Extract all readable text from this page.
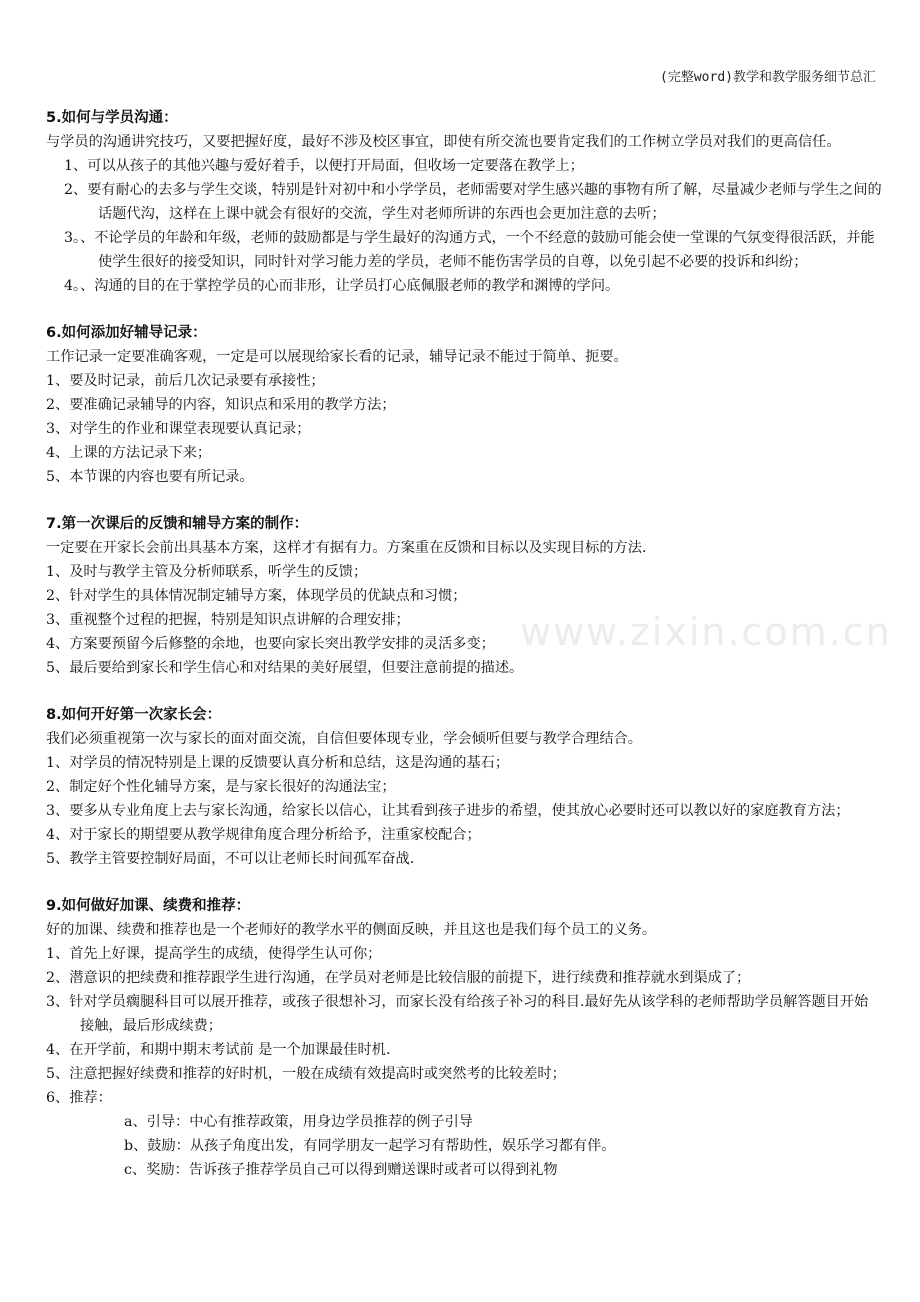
www.zixin.com.cn
(完整word)教学和教学服务细节总汇
5.如何与学员沟通：
与学员的沟通讲究技巧，又要把握好度，最好不涉及校区事宜，即使有所交流也要肯定我们的工作树立学员对我们的更高信任。
1、可以从孩子的其他兴趣与爱好着手，以便打开局面，但收场一定要落在教学上；
2、要有耐心的去多与学生交谈，特别是针对初中和小学学员，老师需要对学生感兴趣的事物有所了解，尽量减少老师与学生之间的话题代沟，这样在上课中就会有很好的交流，学生对老师所讲的东西也会更加注意的去听；
3。、不论学员的年龄和年级，老师的鼓励都是与学生最好的沟通方式，一个不经意的鼓励可能会使一堂课的气氛变得很活跃，并能使学生很好的接受知识，同时针对学习能力差的学员，老师不能伤害学员的自尊，以免引起不必要的投诉和纠纷；
4。、沟通的目的在于掌控学员的心而非形，让学员打心底佩服老师的教学和渊博的学问。
6.如何添加好辅导记录：
工作记录一定要准确客观，一定是可以展现给家长看的记录，辅导记录不能过于简单、扼要。
1、要及时记录，前后几次记录要有承接性；
2、要准确记录辅导的内容，知识点和采用的教学方法；
3、对学生的作业和课堂表现要认真记录；
4、上课的方法记录下来；
5、本节课的内容也要有所记录。
7.第一次课后的反馈和辅导方案的制作：
一定要在开家长会前出具基本方案，这样才有据有力。方案重在反馈和目标以及实现目标的方法.
1、及时与教学主管及分析师联系，听学生的反馈；
2、针对学生的具体情况制定辅导方案，体现学员的优缺点和习惯；
3、重视整个过程的把握，特别是知识点讲解的合理安排；
4、方案要预留今后修整的余地，也要向家长突出教学安排的灵活多变；
5、最后要给到家长和学生信心和对结果的美好展望，但要注意前提的描述。
8.如何开好第一次家长会：
我们必须重视第一次与家长的面对面交流，自信但要体现专业，学会倾听但要与教学合理结合。
1、对学员的情况特别是上课的反馈要认真分析和总结，这是沟通的基石；
2、制定好个性化辅导方案，是与家长很好的沟通法宝；
3、要多从专业角度上去与家长沟通，给家长以信心，让其看到孩子进步的希望，使其放心必要时还可以教以好的家庭教育方法；
4、对于家长的期望要从教学规律角度合理分析给予，注重家校配合；
5、教学主管要控制好局面，不可以让老师长时间孤军奋战.
9.如何做好加课、续费和推荐：
好的加课、续费和推荐也是一个老师好的教学水平的侧面反映，并且这也是我们每个员工的义务。
1、首先上好课，提高学生的成绩，使得学生认可你；
2、潜意识的把续费和推荐跟学生进行沟通，在学员对老师是比较信服的前提下，进行续费和推荐就水到渠成了；
3、针对学员瘸腿科目可以展开推荐，或孩子很想补习，而家长没有给孩子补习的科目.最好先从该学科的老师帮助学员解答题目开始接触，最后形成续费；
4、在开学前，和期中期末考试前 是一个加课最佳时机.
5、注意把握好续费和推荐的好时机，一般在成绩有效提高时或突然考的比较差时；
6、推荐：
a、引导：中心有推荐政策，用身边学员推荐的例子引导
b、鼓励：从孩子角度出发，有同学朋友一起学习有帮助性，娱乐学习都有伴。
c、奖励：告诉孩子推荐学员自己可以得到赠送课时或者可以得到礼物
